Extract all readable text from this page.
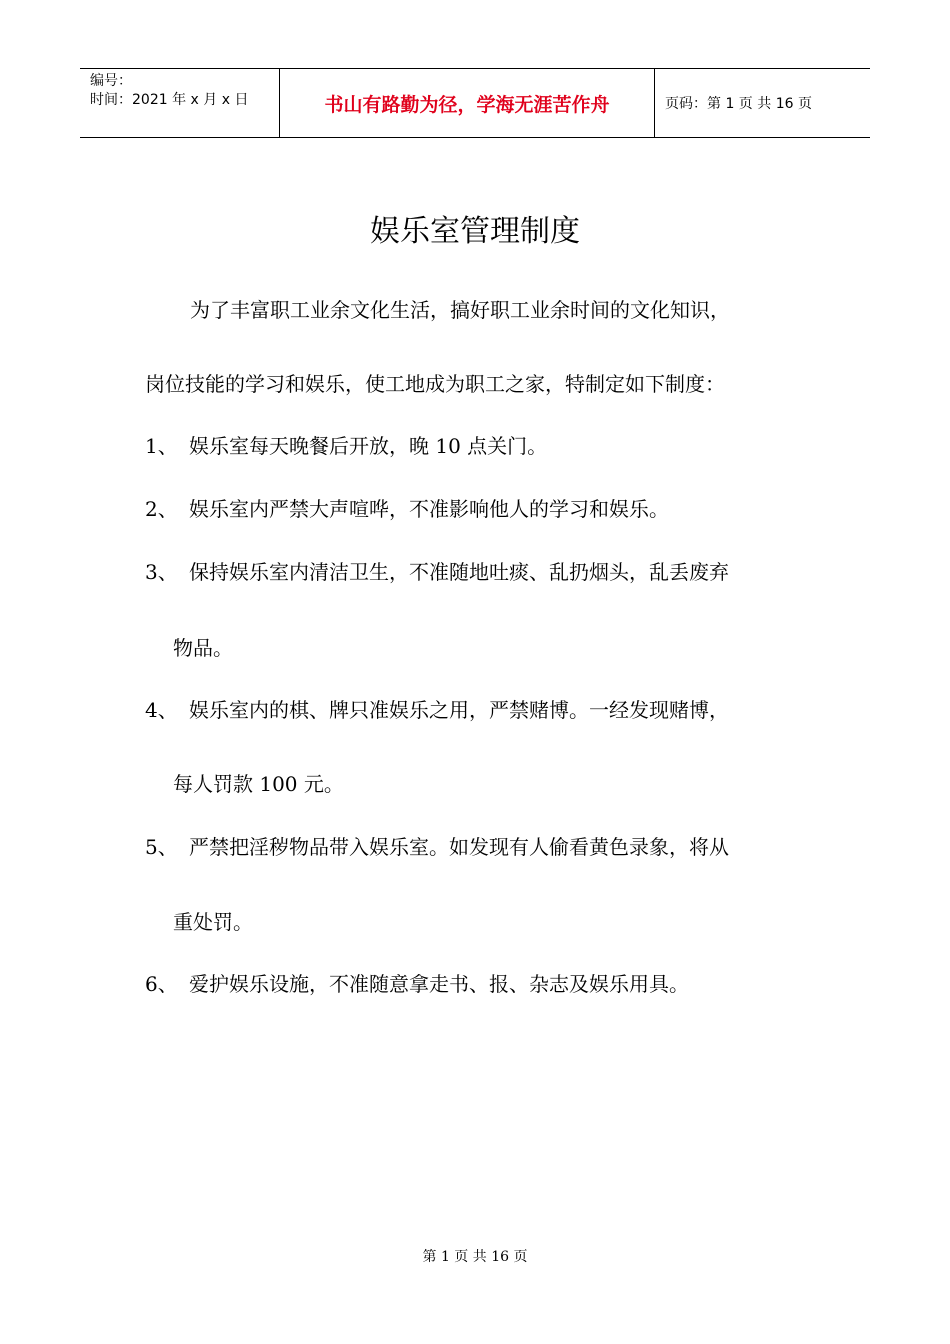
编号：
时间：2021 年 x 月 x 日	书山有路勤为径，学海无涯苦作舟	页码：第 1 页 共 16 页
娱乐室管理制度
为了丰富职工业余文化生活，搞好职工业余时间的文化知识，
岗位技能的学习和娱乐，使工地成为职工之家，特制定如下制度：
1、 娱乐室每天晚餐后开放，晚 10 点关门。
2、 娱乐室内严禁大声喧哗，不准影响他人的学习和娱乐。
3、 保持娱乐室内清洁卫生，不准随地吐痰、乱扔烟头，乱丢废弃
物品。
4、 娱乐室内的棋、牌只准娱乐之用，严禁赌博。一经发现赌博，
每人罚款 100 元。
5、 严禁把淫秽物品带入娱乐室。如发现有人偷看黄色录象，将从
重处罚。
6、 爱护娱乐设施，不准随意拿走书、报、杂志及娱乐用具。
第 1 页 共 16 页
